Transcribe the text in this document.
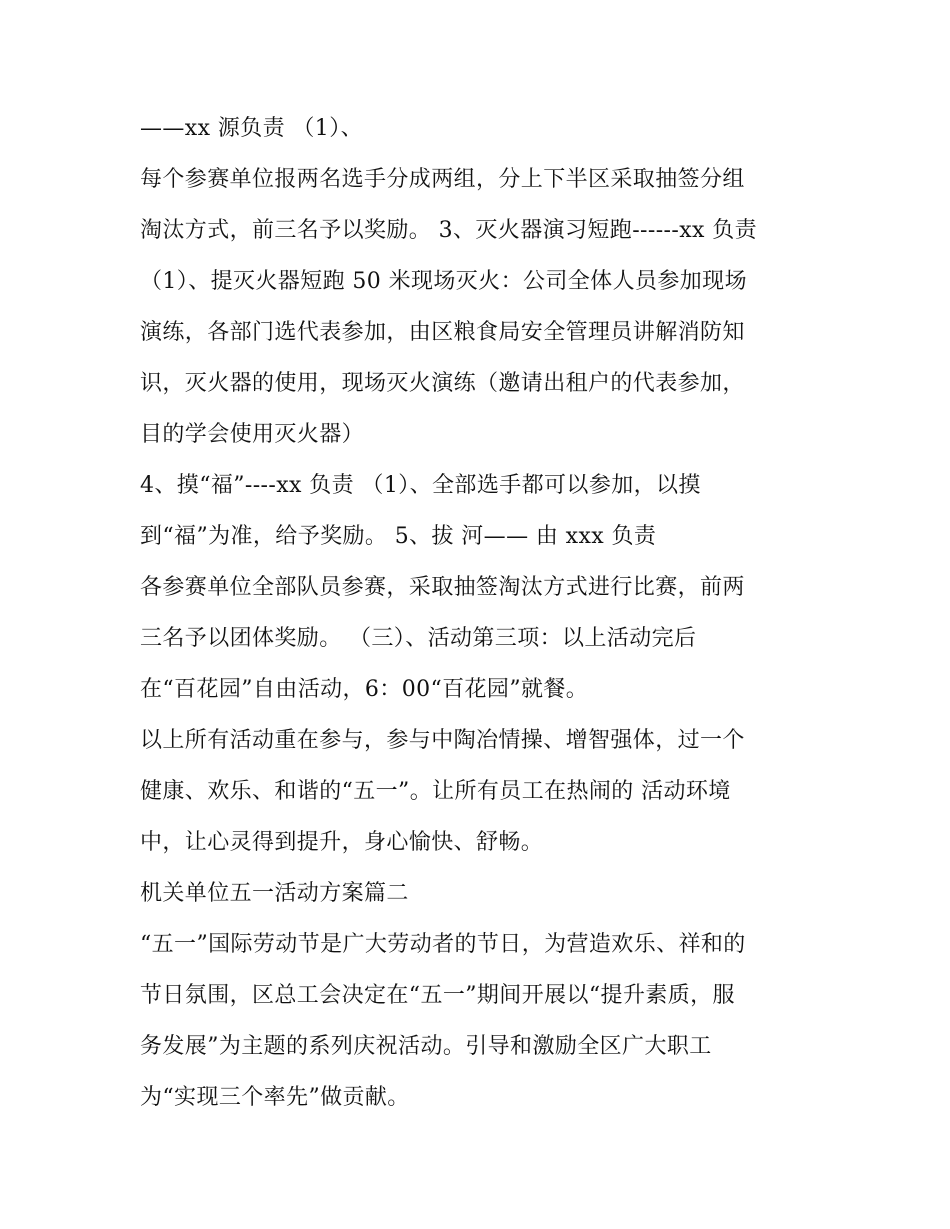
——xx 源负责 （1）、
每个参赛单位报两名选手分成两组，分上下半区采取抽签分组
淘汰方式，前三名予以奖励。 3、灭火器演习短跑------xx 负责
（1）、提灭火器短跑 50 米现场灭火：公司全体人员参加现场
演练，各部门选代表参加，由区粮食局安全管理员讲解消防知
识，灭火器的使用，现场灭火演练（邀请出租户的代表参加，
目的学会使用灭火器）
4、摸“福”----xx 负责 （1）、全部选手都可以参加，以摸
到“福”为准，给予奖励。 5、拔 河—— 由 xxx 负责
各参赛单位全部队员参赛，采取抽签淘汰方式进行比赛，前两
三名予以团体奖励。 （三）、活动第三项：以上活动完后
在“百花园”自由活动，6：00“百花园”就餐。
以上所有活动重在参与，参与中陶冶情操、增智强体，过一个
健康、欢乐、和谐的“五一”。让所有员工在热闹的 活动环境
中，让心灵得到提升，身心愉快、舒畅。
机关单位五一活动方案篇二
“五一”国际劳动节是广大劳动者的节日，为营造欢乐、祥和的
节日氛围，区总工会决定在“五一”期间开展以“提升素质，服
务发展”为主题的系列庆祝活动。引导和激励全区广大职工
为“实现三个率先”做贡献。
